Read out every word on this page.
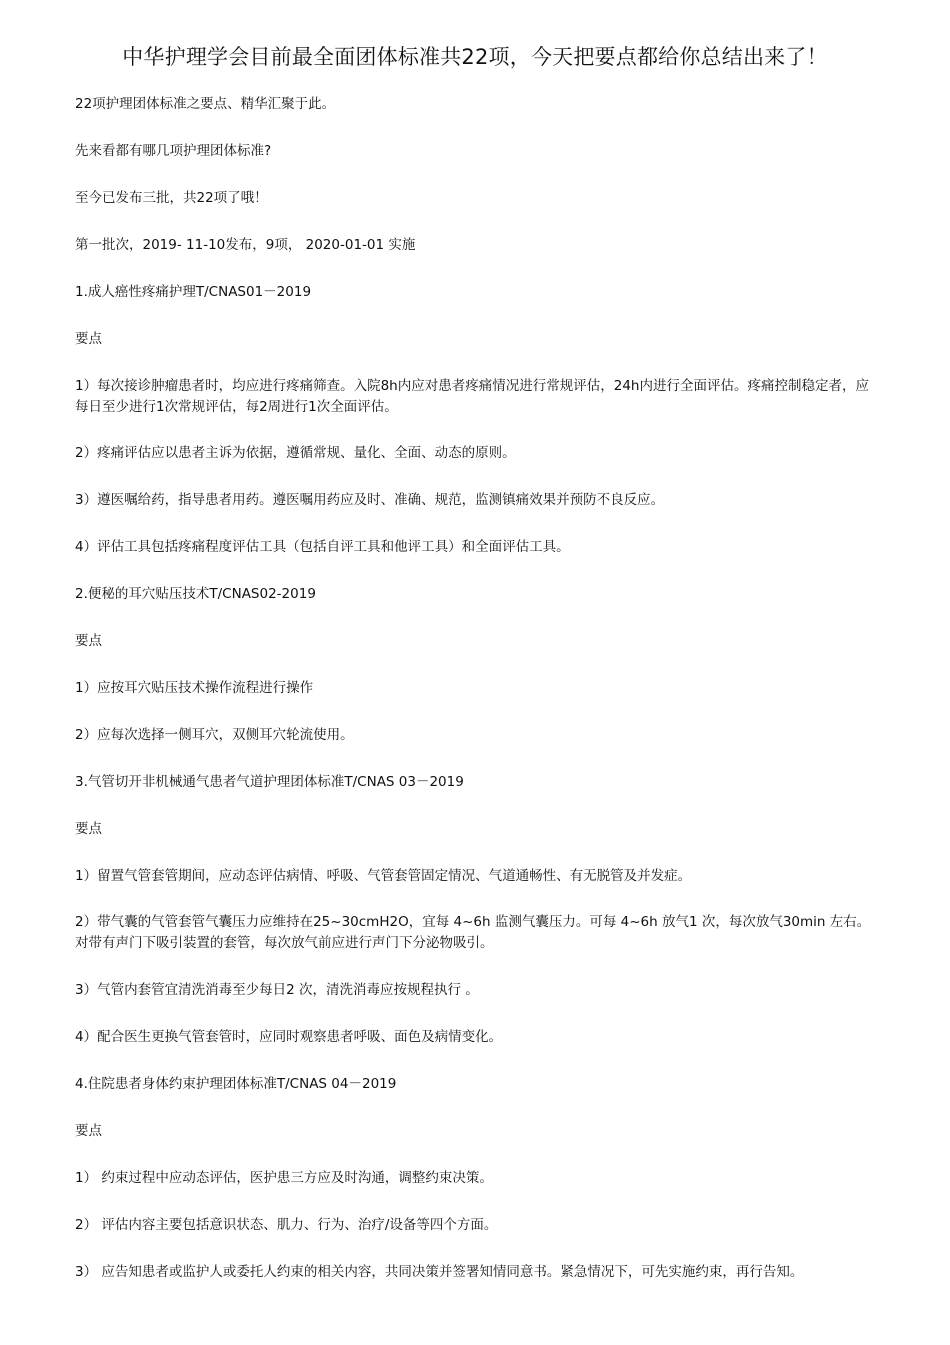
中华护理学会目前最全面团体标准共22项，今天把要点都给你总结出来了！

22项护理团体标准之要点、精华汇聚于此。

先来看都有哪几项护理团体标准?

至今已发布三批，共22项了哦！

第一批次，2019- 11-10发布，9项， 2020-01-01 实施

1.成人癌性疼痛护理T/CNAS01－2019

要点

1）每次接诊肿瘤患者时，均应进行疼痛筛查。入院8h内应对患者疼痛情况进行常规评估，24h内进行全面评估。疼痛控制稳定者，应每日至少进行1次常规评估，每2周进行1次全面评估。

2）疼痛评估应以患者主诉为依据，遵循常规、量化、全面、动态的原则。

3）遵医嘱给药，指导患者用药。遵医嘱用药应及时、准确、规范，监测镇痛效果并预防不良反应。

4）评估工具包括疼痛程度评估工具（包括自评工具和他评工具）和全面评估工具。

2.便秘的耳穴贴压技术T/CNAS02-2019

要点

1）应按耳穴贴压技术操作流程进行操作

2）应每次选择一侧耳穴，双侧耳穴轮流使用。

3.气管切开非机械通气患者气道护理团体标准T/CNAS 03－2019

要点

1）留置气管套管期间，应动态评估病情、呼吸、气管套管固定情况、气道通畅性、有无脱管及并发症。

2）带气囊的气管套管气囊压力应维持在25~30cmH2O，宜每 4~6h 监测气囊压力。可每 4~6h 放气1 次，每次放气30min 左右。对带有声门下吸引装置的套管，每次放气前应进行声门下分泌物吸引。

3）气管内套管宜清洗消毒至少每日2 次，清洗消毒应按规程执行 。

4）配合医生更换气管套管时，应同时观察患者呼吸、面色及病情变化。

4.住院患者身体约束护理团体标准T/CNAS 04－2019

要点

1） 约束过程中应动态评估，医护患三方应及时沟通，调整约束决策。

2） 评估内容主要包括意识状态、肌力、行为、治疗/设备等四个方面。

3） 应告知患者或监护人或委托人约束的相关内容，共同决策并签署知情同意书。紧急情况下，可先实施约束，再行告知。
